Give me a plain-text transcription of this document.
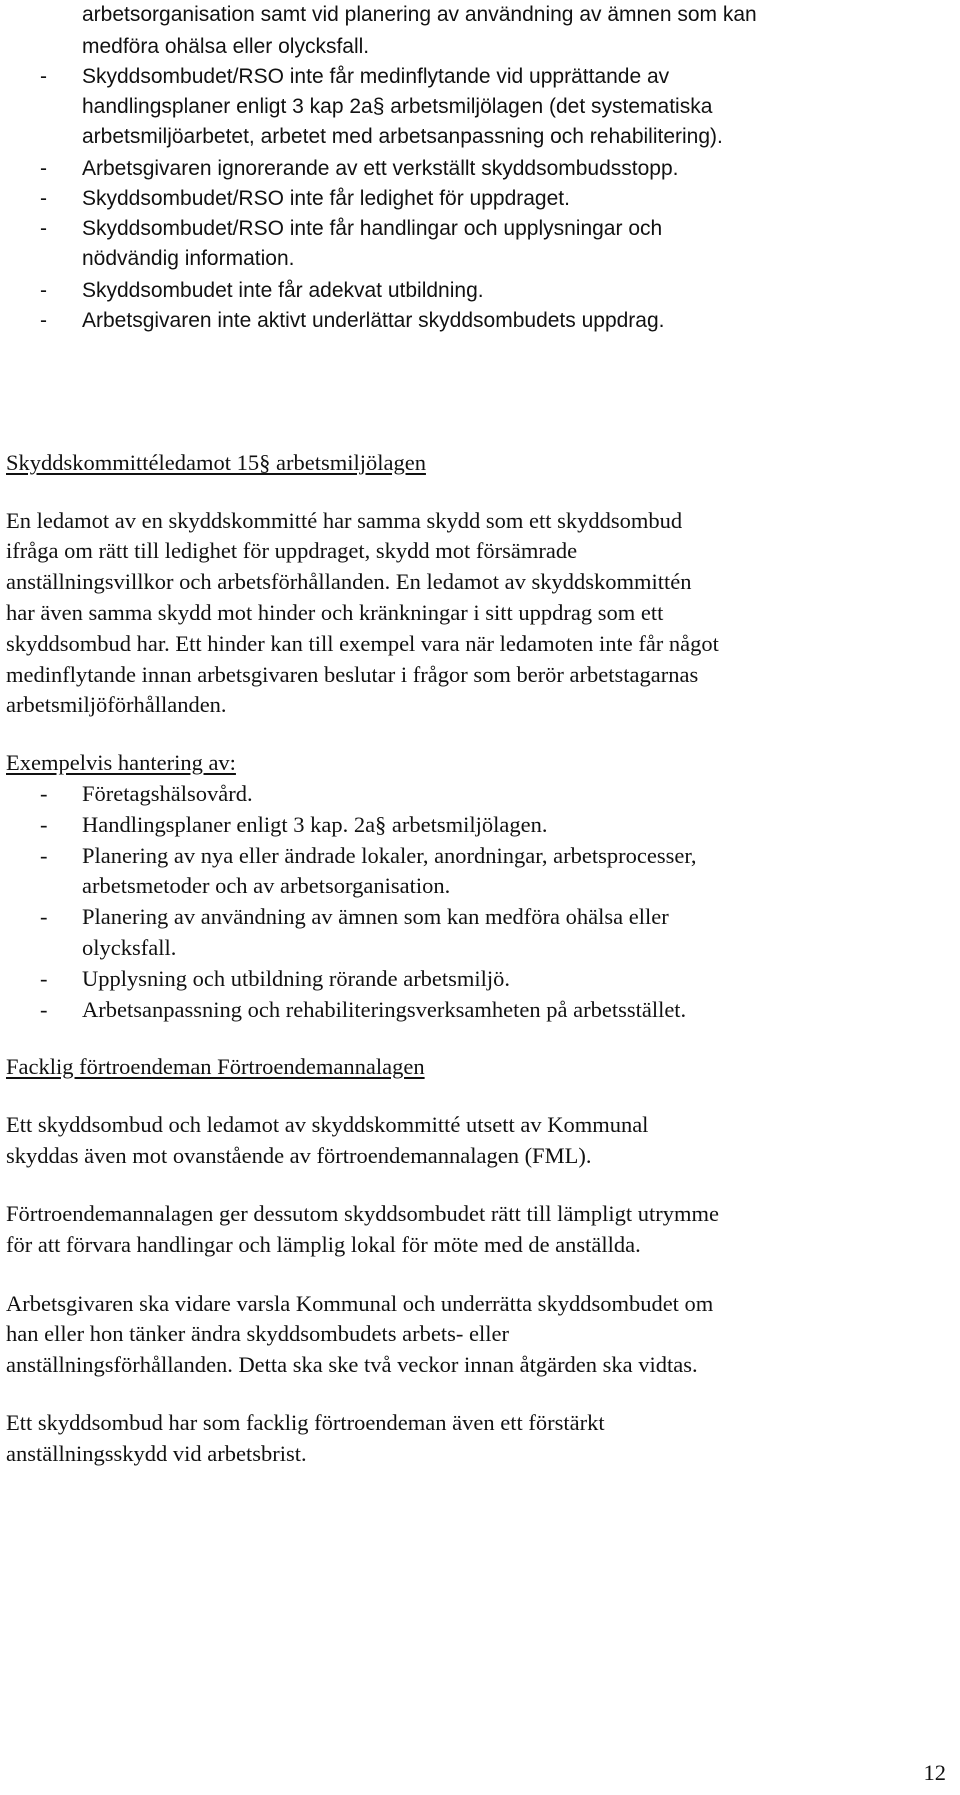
arbetsorganisation samt vid planering av användning av ämnen som kan
medföra ohälsa eller olycksfall.
- Skyddsombudet/RSO inte får medinflytande vid upprättande av
handlingsplaner enligt 3 kap 2a§ arbetsmiljölagen (det systematiska
arbetsmiljöarbetet, arbetet med arbetsanpassning och rehabilitering).
- Arbetsgivaren ignorerande av ett verkställt skyddsombudsstopp.
- Skyddsombudet/RSO inte får ledighet för uppdraget.
- Skyddsombudet/RSO inte får handlingar och upplysningar och
nödvändig information.
- Skyddsombudet inte får adekvat utbildning.
- Arbetsgivaren inte aktivt underlättar skyddsombudets uppdrag.
Skyddskommittéledamot 15§ arbetsmiljölagen
En ledamot av en skyddskommitté har samma skydd som ett skyddsombud
ifråga om rätt till ledighet för uppdraget, skydd mot försämrade
anställningsvillkor och arbetsförhållanden. En ledamot av skyddskommittén
har även samma skydd mot hinder och kränkningar i sitt uppdrag som ett
skyddsombud har. Ett hinder kan till exempel vara när ledamoten inte får något
medinflytande innan arbetsgivaren beslutar i frågor som berör arbetstagarnas
arbetsmiljöförhållanden.
Exempelvis hantering av:
- Företagshälsovård.
- Handlingsplaner enligt 3 kap. 2a§ arbetsmiljölagen.
- Planering av nya eller ändrade lokaler, anordningar, arbetsprocesser,
arbetsmetoder och av arbetsorganisation.
- Planering av användning av ämnen som kan medföra ohälsa eller
olycksfall.
- Upplysning och utbildning rörande arbetsmiljö.
- Arbetsanpassning och rehabiliteringsverksamheten på arbetsstället.
Facklig förtroendeman Förtroendemannalagen
Ett skyddsombud och ledamot av skyddskommitté utsett av Kommunal
skyddas även mot ovanstående av förtroendemannalagen (FML).
Förtroendemannalagen ger dessutom skyddsombudet rätt till lämpligt utrymme
för att förvara handlingar och lämplig lokal för möte med de anställda.
Arbetsgivaren ska vidare varsla Kommunal och underrätta skyddsombudet om
han eller hon tänker ändra skyddsombudets arbets- eller
anställningsförhållanden. Detta ska ske två veckor innan åtgärden ska vidtas.
Ett skyddsombud har som facklig förtroendeman även ett förstärkt
anställningsskydd vid arbetsbrist.
12
